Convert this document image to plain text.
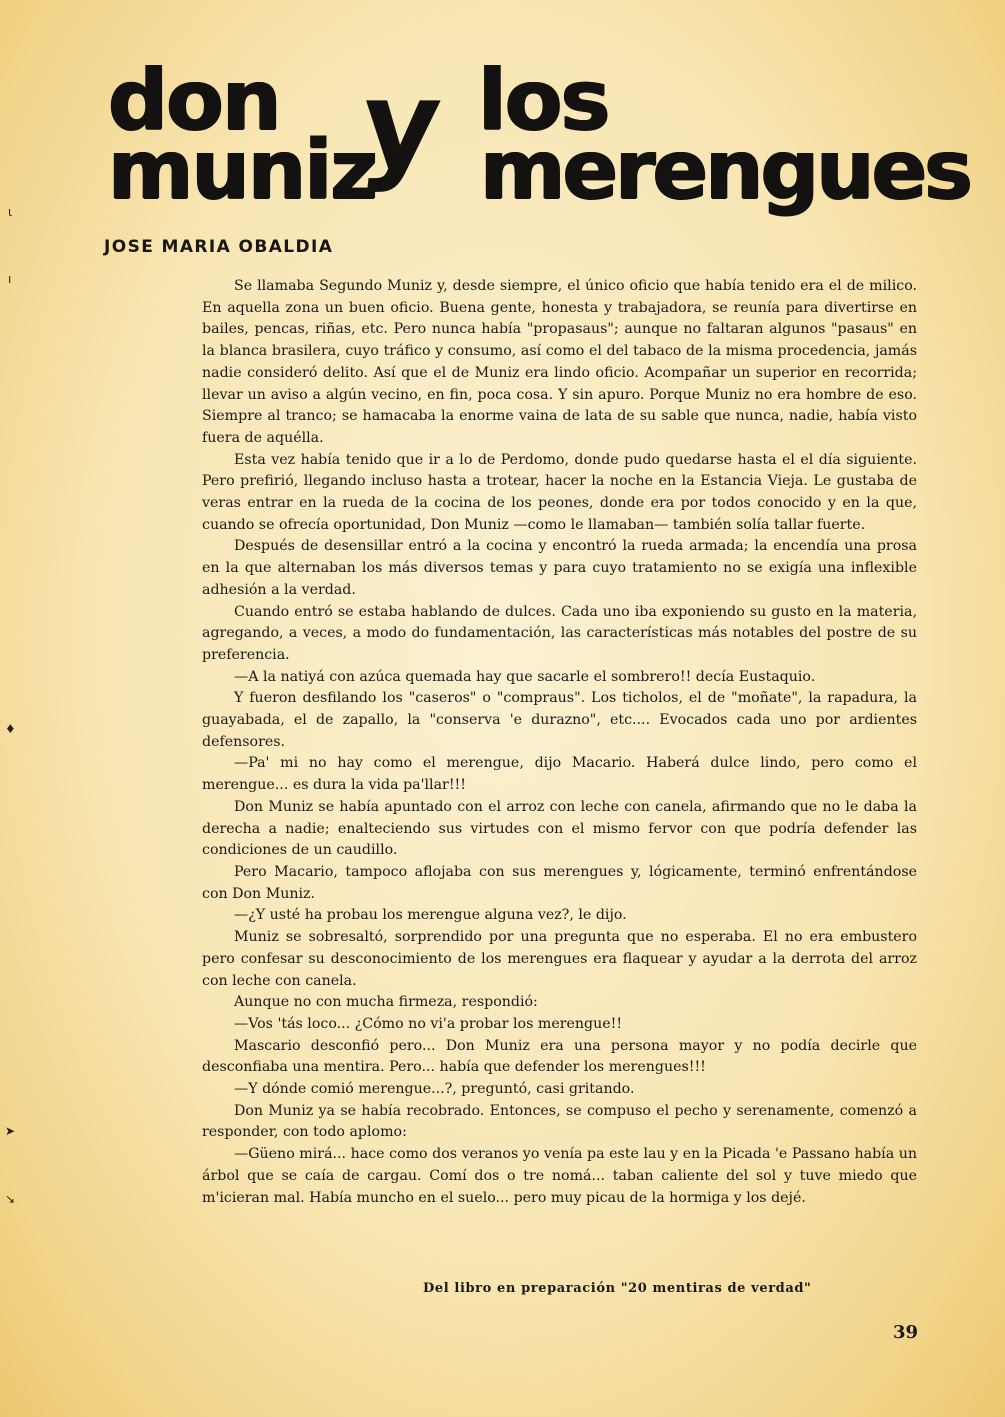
don
muniz
y los
merengues
JOSE MARIA OBALDIA

Se llamaba Segundo Muniz y, desde siempre, el único oficio que había tenido era el de milico. En aquella zona un buen oficio. Buena gente, honesta y trabajadora, se reunía para divertirse en bailes, pencas, riñas, etc. Pero nunca había "propasaus"; aunque no faltaran algunos "pasaus" en la blanca brasilera, cuyo tráfico y consumo, así como el del tabaco de la misma procedencia, jamás nadie consideró delito. Así que el de Muniz era lindo oficio. Acompañar un superior en recorrida; llevar un aviso a algún vecino, en fin, poca cosa. Y sin apuro. Porque Muniz no era hombre de eso. Siempre al tranco; se hamacaba la enorme vaina de lata de su sable que nunca, nadie, había visto fuera de aquélla.

Esta vez había tenido que ir a lo de Perdomo, donde pudo quedarse hasta el el día siguiente. Pero prefirió, llegando incluso hasta a trotear, hacer la noche en la Estancia Vieja. Le gustaba de veras entrar en la rueda de la cocina de los peones, donde era por todos conocido y en la que, cuando se ofrecía oportunidad, Don Muniz —como le llamaban— también solía tallar fuerte.

Después de desensillar entró a la cocina y encontró la rueda armada; la encendía una prosa en la que alternaban los más diversos temas y para cuyo tratamiento no se exigía una inflexible adhesión a la verdad.

Cuando entró se estaba hablando de dulces. Cada uno iba exponiendo su gusto en la materia, agregando, a veces, a modo do fundamentación, las características más notables del postre de su preferencia.

—A la natiyá con azúca quemada hay que sacarle el sombrero!! decía Eustaquio.

Y fueron desfilando los "caseros" o "compraus". Los ticholos, el de "moñate", la rapadura, la guayabada, el de zapallo, la "conserva 'e durazno", etc.... Evocados cada uno por ardientes defensores.

—Pa' mi no hay como el merengue, dijo Macario. Haberá dulce lindo, pero como el merengue... es dura la vida pa'llar!!!

Don Muniz se había apuntado con el arroz con leche con canela, afirmando que no le daba la derecha a nadie; enalteciendo sus virtudes con el mismo fervor con que podría defender las condiciones de un caudillo.

Pero Macario, tampoco aflojaba con sus merengues y, lógicamente, terminó enfrentándose con Don Muniz.

—¿Y usté ha probau los merengue alguna vez?, le dijo.

Muniz se sobresaltó, sorprendido por una pregunta que no esperaba. El no era embustero pero confesar su desconocimiento de los merengues era flaquear y ayudar a la derrota del arroz con leche con canela.

Aunque no con mucha firmeza, respondió:

—Vos 'tás loco... ¿Cómo no vi'a probar los merengue!!

Mascario desconfió pero... Don Muniz era una persona mayor y no podía decirle que desconfiaba una mentira. Pero... había que defender los merengues!!!

—Y dónde comió merengue...?, preguntó, casi gritando.

Don Muniz ya se había recobrado. Entonces, se compuso el pecho y serenamente, comenzó a responder, con todo aplomo:

—Güeno mirá... hace como dos veranos yo venía pa este lau y en la Picada 'e Passano había un árbol que se caía de cargau. Comí dos o tre nomá... taban caliente del sol y tuve miedo que m'icieran mal. Había muncho en el suelo... pero muy picau de la hormiga y los dejé.

Del libro en preparación "20 mentiras de verdad"

39

ι
ı
♦
➤
↘
